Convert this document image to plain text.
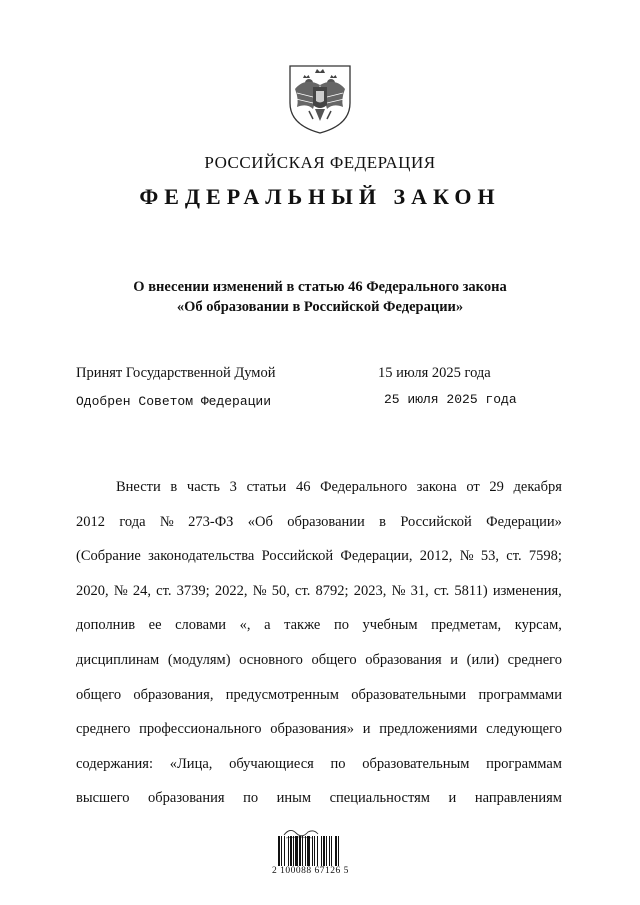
РОССИЙСКАЯ ФЕДЕРАЦИЯ
ФЕДЕРАЛЬНЫЙ ЗАКОН
О внесении изменений в статью 46 Федерального закона
«Об образовании в Российской Федерации»
Принят Государственной Думой	15 июля 2025 года
Одобрен Советом Федерации	25 июля 2025 года
Внести в часть 3 статьи 46 Федерального закона от 29 декабря
2012 года № 273-ФЗ «Об образовании в Российской Федерации»
(Собрание законодательства Российской Федерации, 2012, № 53, ст. 7598;
2020, № 24, ст. 3739; 2022, № 50, ст. 8792; 2023, № 31, ст. 5811) изменения,
дополнив ее словами «, а также по учебным предметам, курсам,
дисциплинам (модулям) основного общего образования и (или) среднего
общего образования, предусмотренным образовательными программами
среднего профессионального образования» и предложениями следующего
содержания: «Лица, обучающиеся по образовательным программам
высшего образования по иным специальностям и направлениям
2 100088 67126 5
